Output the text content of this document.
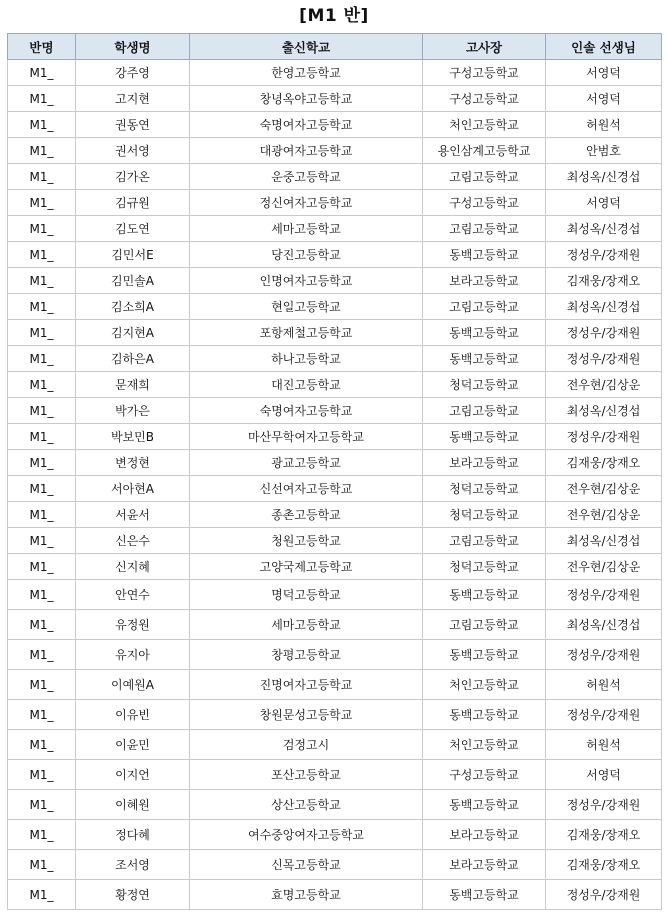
[M1 반]
반명	학생명	출신학교	고사장	인솔 선생님
M1_	강주영	한영고등학교	구성고등학교	서영덕
M1_	고지현	창녕옥야고등학교	구성고등학교	서영덕
M1_	권동연	숙명여자고등학교	처인고등학교	허원석
M1_	권서영	대광여자고등학교	용인삼계고등학교	안범호
M1_	김가온	운중고등학교	고림고등학교	최성옥/신경섭
M1_	김규원	정신여자고등학교	구성고등학교	서영덕
M1_	김도연	세마고등학교	고림고등학교	최성옥/신경섭
M1_	김민서E	당진고등학교	동백고등학교	정성우/강재원
M1_	김민솔A	인명여자고등학교	보라고등학교	김재웅/장재오
M1_	김소희A	현일고등학교	고림고등학교	최성옥/신경섭
M1_	김지현A	포항제철고등학교	동백고등학교	정성우/강재원
M1_	김하은A	하나고등학교	동백고등학교	정성우/강재원
M1_	문재희	대진고등학교	청덕고등학교	전우현/김상운
M1_	박가은	숙명여자고등학교	고림고등학교	최성옥/신경섭
M1_	박보민B	마산무학여자고등학교	동백고등학교	정성우/강재원
M1_	변정현	광교고등학교	보라고등학교	김재웅/장재오
M1_	서아현A	신선여자고등학교	청덕고등학교	전우현/김상운
M1_	서윤서	종촌고등학교	청덕고등학교	전우현/김상운
M1_	신은수	청원고등학교	고림고등학교	최성옥/신경섭
M1_	신지혜	고양국제고등학교	청덕고등학교	전우현/김상운
M1_	안연수	명덕고등학교	동백고등학교	정성우/강재원
M1_	유정원	세마고등학교	고림고등학교	최성옥/신경섭
M1_	유지아	창평고등학교	동백고등학교	정성우/강재원
M1_	이예원A	진명여자고등학교	처인고등학교	허원석
M1_	이유빈	창원문성고등학교	동백고등학교	정성우/강재원
M1_	이윤민	검정고시	처인고등학교	허원석
M1_	이지언	포산고등학교	구성고등학교	서영덕
M1_	이혜원	상산고등학교	동백고등학교	정성우/강재원
M1_	정다혜	여수중앙여자고등학교	보라고등학교	김재웅/장재오
M1_	조서영	신목고등학교	보라고등학교	김재웅/장재오
M1_	황정연	효명고등학교	동백고등학교	정성우/강재원
